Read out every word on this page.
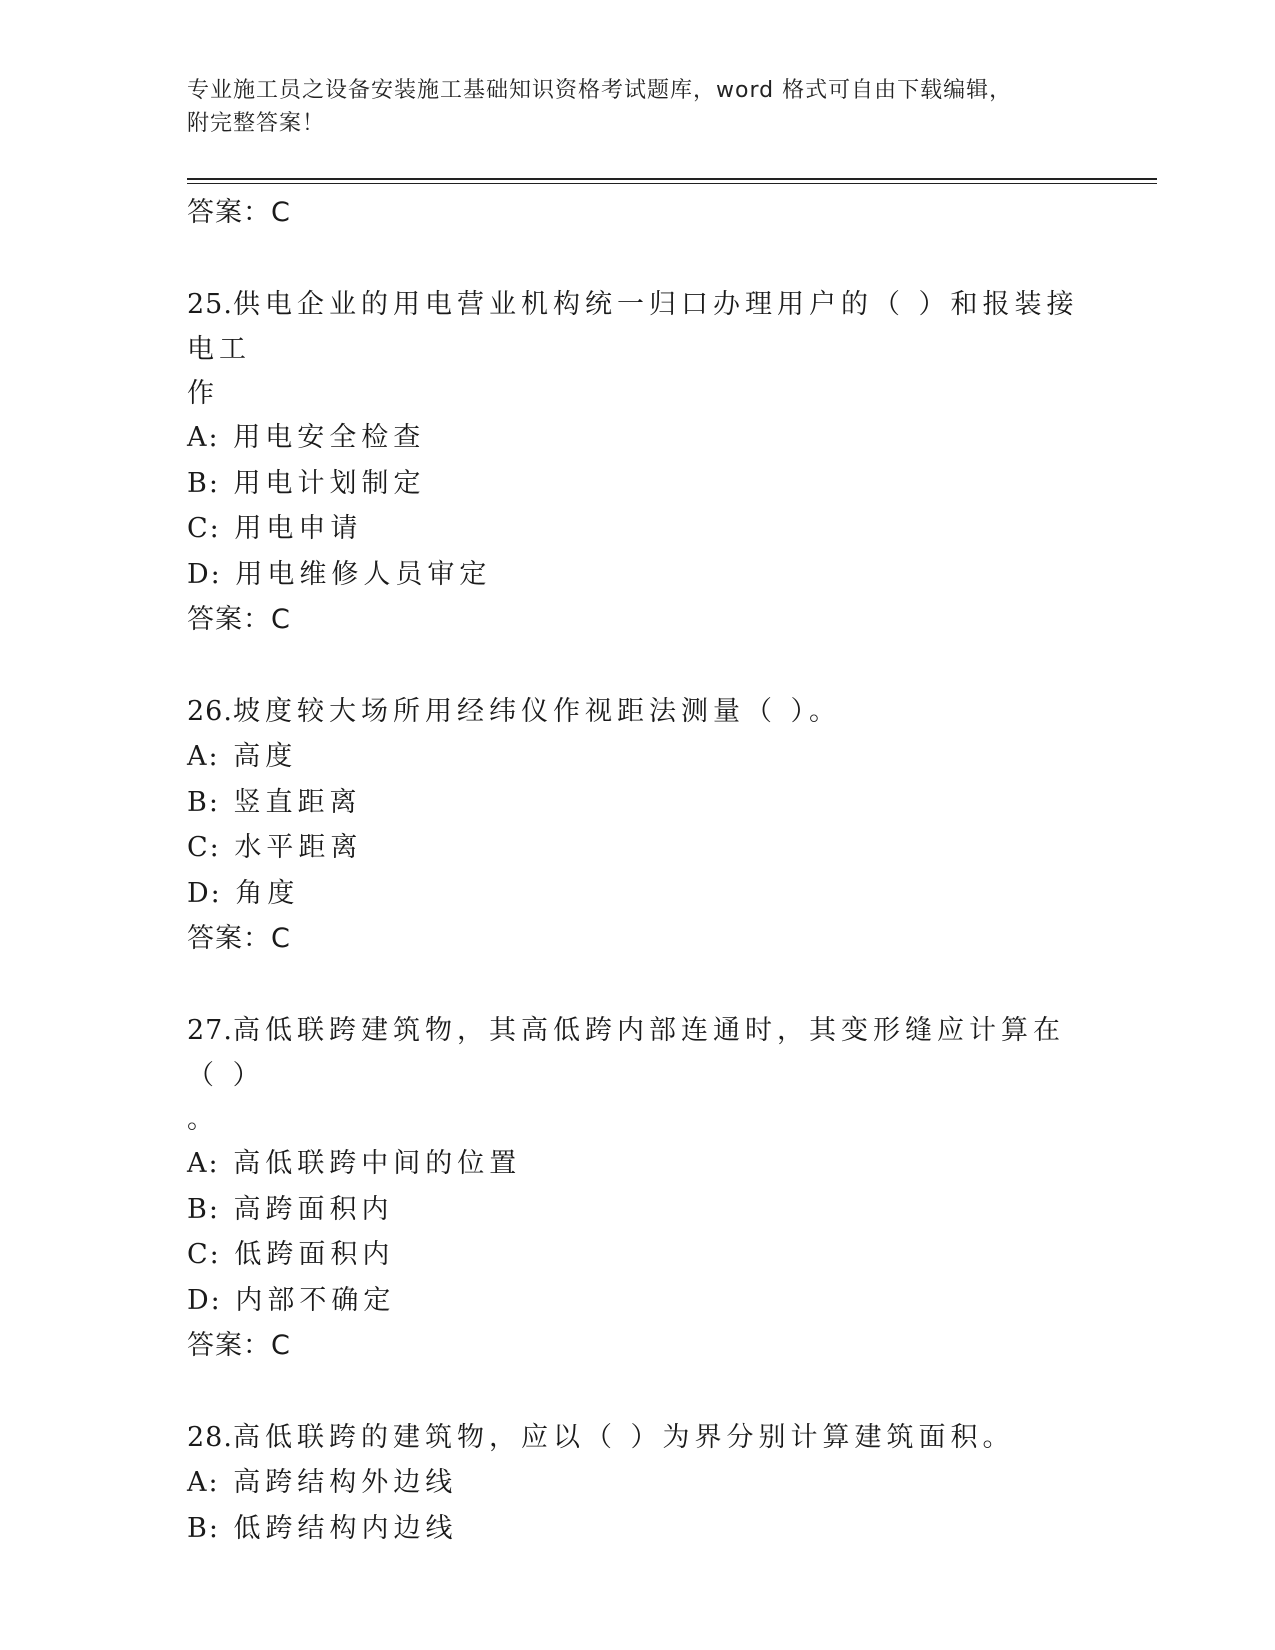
专业施工员之设备安装施工基础知识资格考试题库，word 格式可自由下载编辑，
附完整答案！
答案：C
25.供电企业的用电营业机构统一归口办理用户的（ ）和报装接电工
作
A: 用电安全检查
B: 用电计划制定
C: 用电申请
D: 用电维修人员审定
答案：C
26.坡度较大场所用经纬仪作视距法测量（ ）。
A: 高度
B: 竖直距离
C: 水平距离
D: 角度
答案：C
27.高低联跨建筑物，其高低跨内部连通时，其变形缝应计算在（ ）
。
A: 高低联跨中间的位置
B: 高跨面积内
C: 低跨面积内
D: 内部不确定
答案：C
28.高低联跨的建筑物，应以（ ）为界分别计算建筑面积。
A: 高跨结构外边线
B: 低跨结构内边线
